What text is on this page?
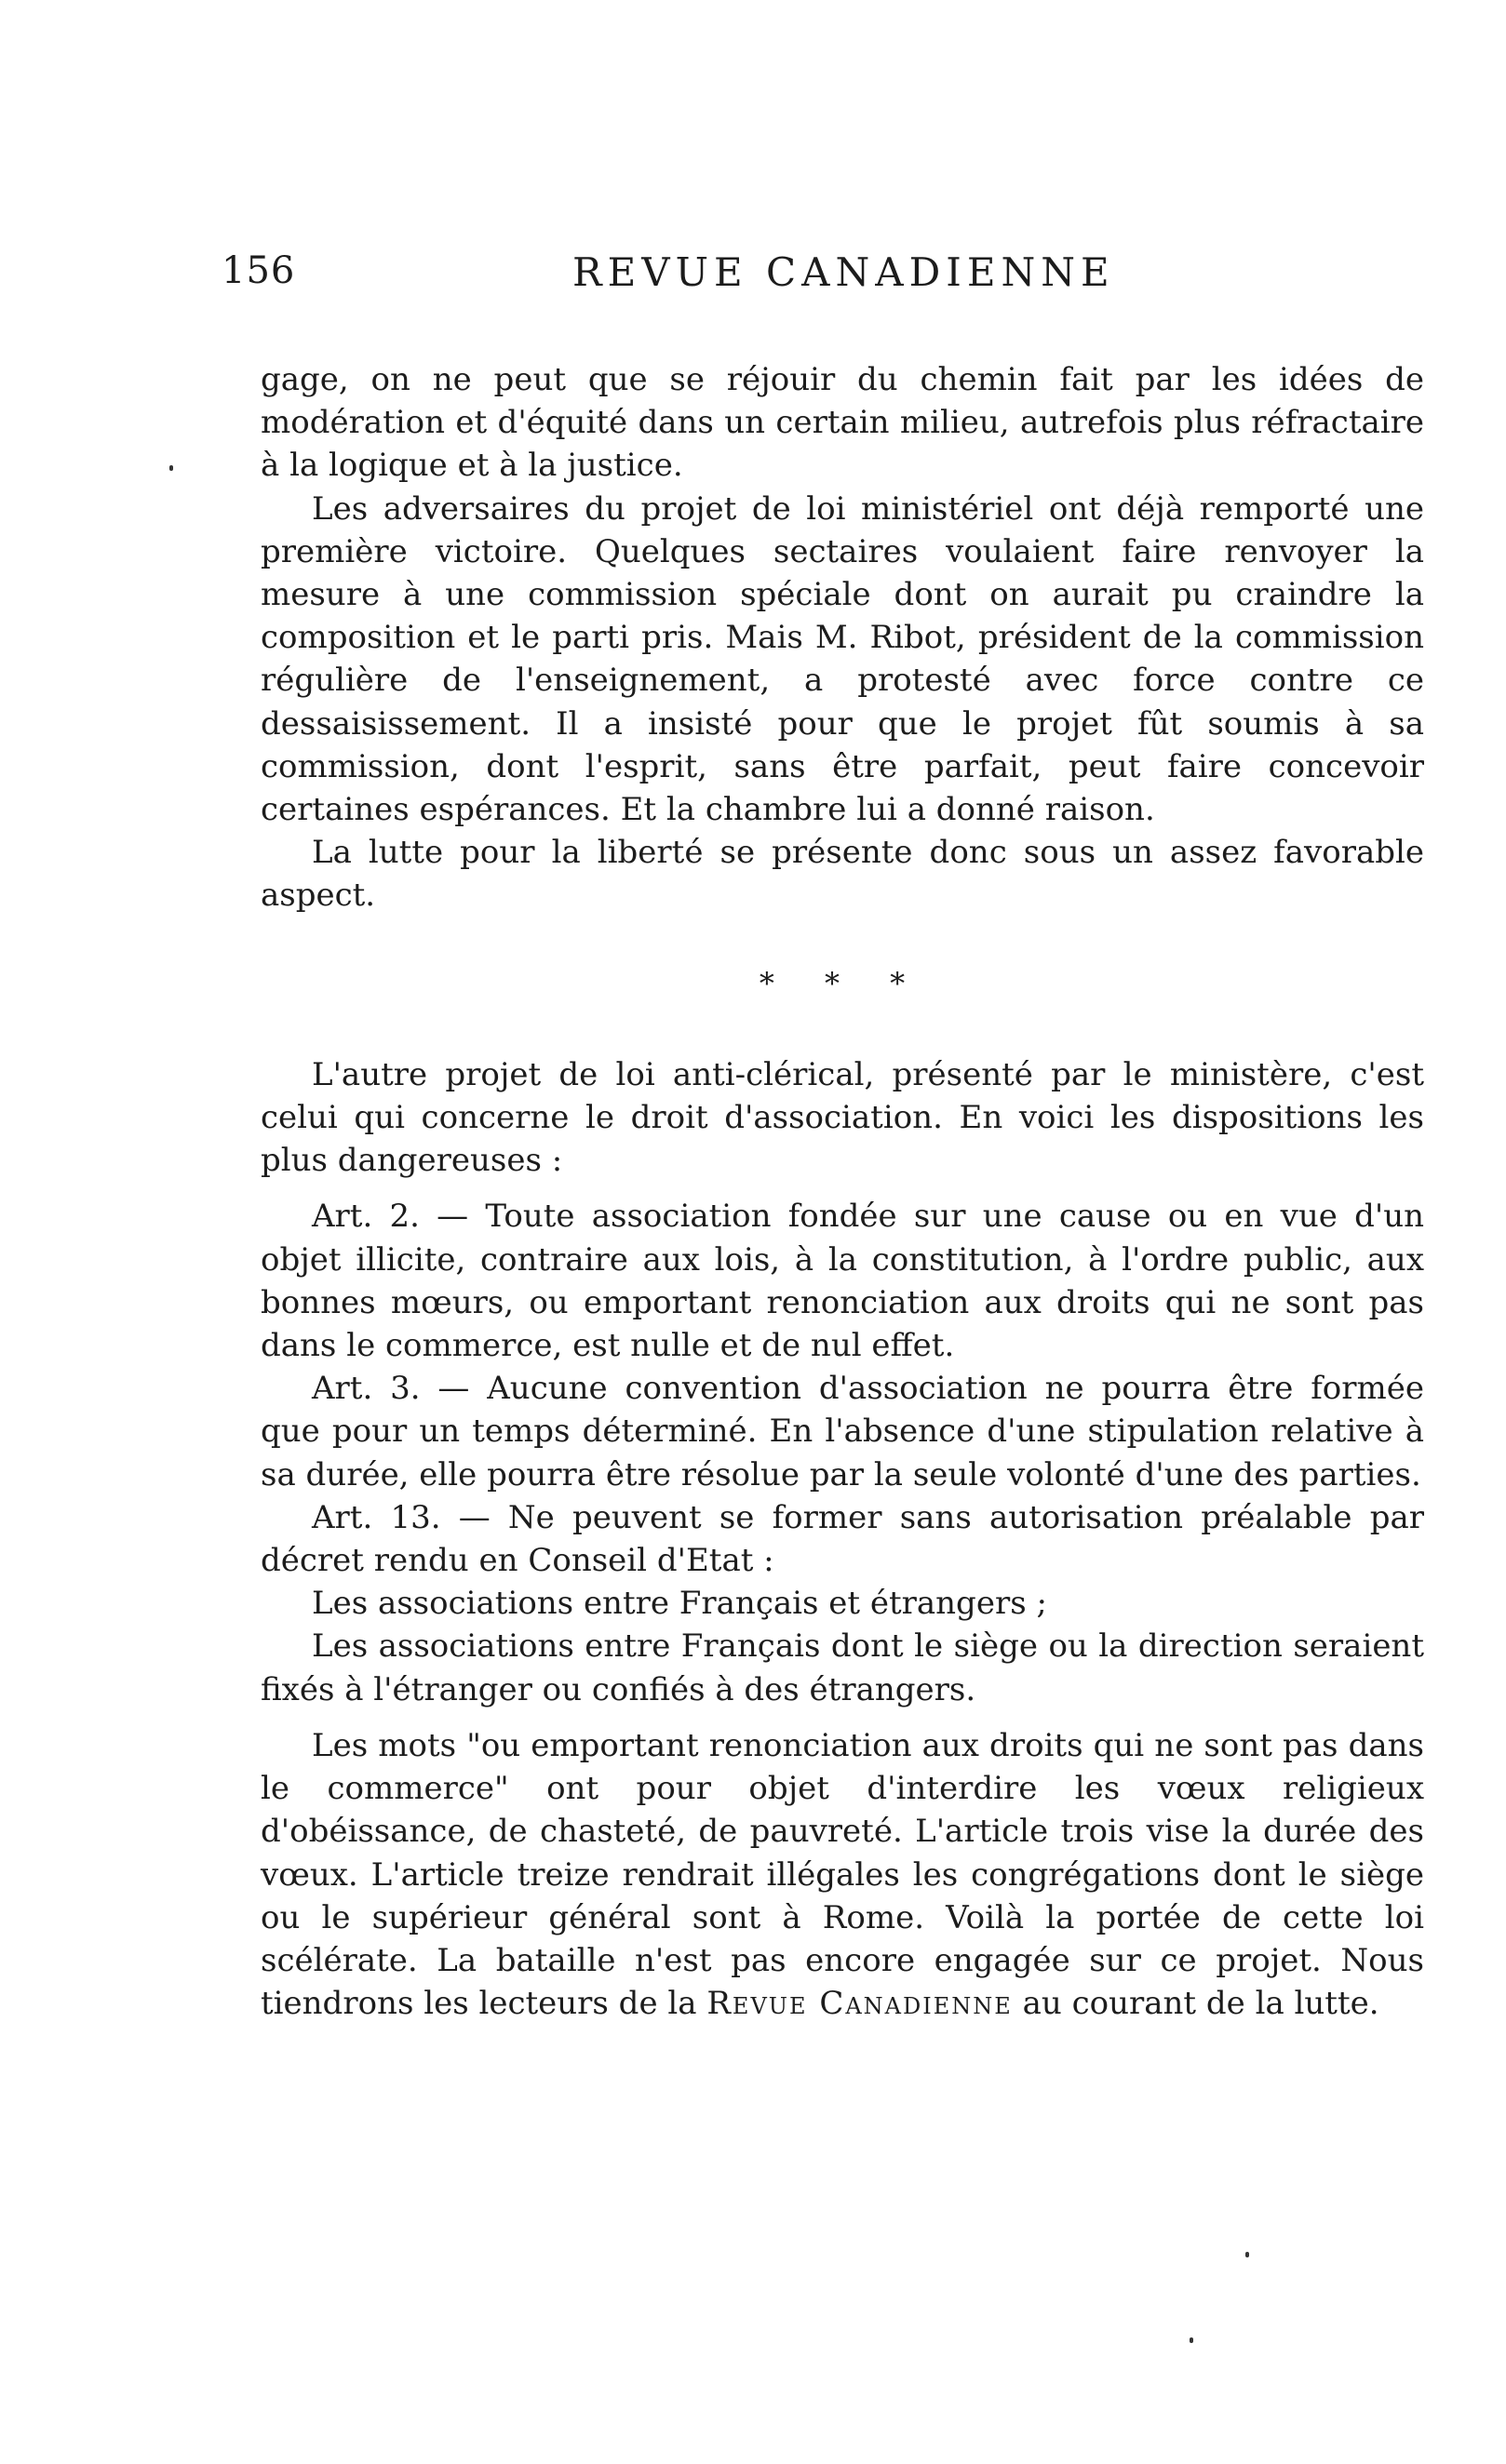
156	REVUE CANADIENNE

gage, on ne peut que se réjouir du chemin fait par les idées de modération et d'équité dans un certain milieu, autrefois plus réfractaire à la logique et à la justice.

Les adversaires du projet de loi ministériel ont déjà remporté une première victoire. Quelques sectaires voulaient faire renvoyer la mesure à une commission spéciale dont on aurait pu craindre la composition et le parti pris. Mais M. Ribot, président de la commission régulière de l'enseignement, a protesté avec force contre ce dessaisissement. Il a insisté pour que le projet fût soumis à sa commission, dont l'esprit, sans être parfait, peut faire concevoir certaines espérances. Et la chambre lui a donné raison.

La lutte pour la liberté se présente donc sous un assez favorable aspect.

* * *

L'autre projet de loi anti-clérical, présenté par le ministère, c'est celui qui concerne le droit d'association. En voici les dispositions les plus dangereuses :

Art. 2. — Toute association fondée sur une cause ou en vue d'un objet illicite, contraire aux lois, à la constitution, à l'ordre public, aux bonnes mœurs, ou emportant renonciation aux droits qui ne sont pas dans le commerce, est nulle et de nul effet.

Art. 3. — Aucune convention d'association ne pourra être formée que pour un temps déterminé. En l'absence d'une stipulation relative à sa durée, elle pourra être résolue par la seule volonté d'une des parties.

Art. 13. — Ne peuvent se former sans autorisation préalable par décret rendu en Conseil d'Etat :

Les associations entre Français et étrangers ;

Les associations entre Français dont le siège ou la direction seraient fixés à l'étranger ou confiés à des étrangers.

Les mots "ou emportant renonciation aux droits qui ne sont pas dans le commerce" ont pour objet d'interdire les vœux religieux d'obéissance, de chasteté, de pauvreté. L'article trois vise la durée des vœux. L'article treize rendrait illégales les congrégations dont le siège ou le supérieur général sont à Rome. Voilà la portée de cette loi scélérate. La bataille n'est pas encore engagée sur ce projet. Nous tiendrons les lecteurs de la Revue Canadienne au courant de la lutte.
